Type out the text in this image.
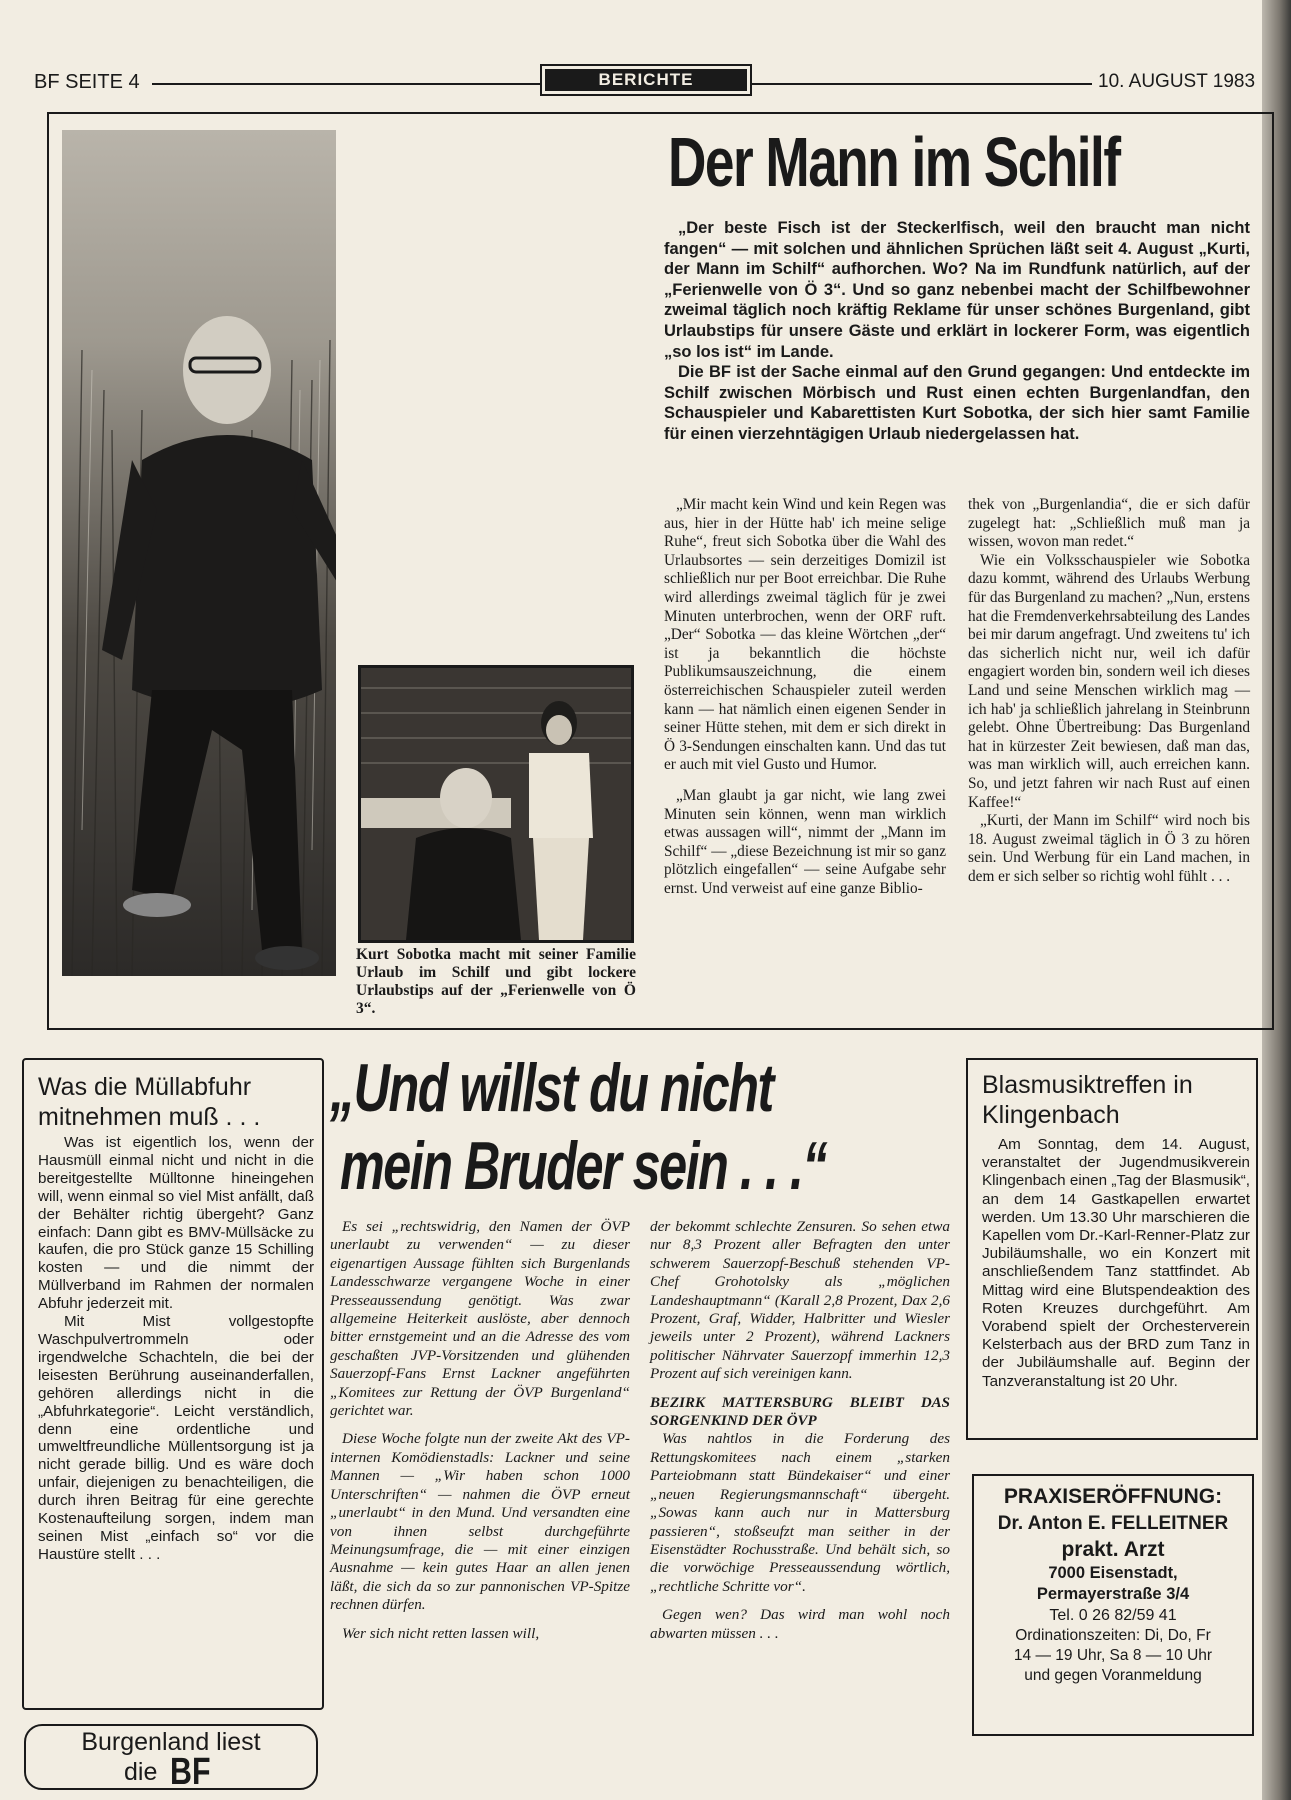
BF SEITE 4	BERICHTE	10. AUGUST 1983
Kurt Sobotka macht mit seiner Familie Urlaub im Schilf und gibt lockere Urlaubstips auf der „Ferienwelle von Ö 3“.
Der Mann im Schilf

„Der beste Fisch ist der Steckerlfisch, weil den braucht man nicht fangen“ — mit solchen und ähnlichen Sprüchen läßt seit 4. August „Kurti, der Mann im Schilf“ aufhorchen. Wo? Na im Rundfunk natürlich, auf der „Ferienwelle von Ö 3“. Und so ganz nebenbei macht der Schilfbewohner zweimal täglich noch kräftig Reklame für unser schönes Burgenland, gibt Urlaubstips für unsere Gäste und erklärt in lockerer Form, was eigentlich „so los ist“ im Lande.

Die BF ist der Sache einmal auf den Grund gegangen: Und entdeckte im Schilf zwischen Mörbisch und Rust einen echten Burgenlandfan, den Schauspieler und Kabarettisten Kurt Sobotka, der sich hier samt Familie für einen vierzehntägigen Urlaub niedergelassen hat.

„Mir macht kein Wind und kein Regen was aus, hier in der Hütte hab' ich meine selige Ruhe“, freut sich Sobotka über die Wahl des Urlaubsortes — sein derzeitiges Domizil ist schließlich nur per Boot erreichbar. Die Ruhe wird allerdings zweimal täglich für je zwei Minuten unterbrochen, wenn der ORF ruft. „Der“ Sobotka — das kleine Wörtchen „der“ ist ja bekanntlich die höchste Publikumsauszeichnung, die einem österreichischen Schauspieler zuteil werden kann — hat nämlich einen eigenen Sender in seiner Hütte stehen, mit dem er sich direkt in Ö 3-Sendungen einschalten kann. Und das tut er auch mit viel Gusto und Humor.

„Man glaubt ja gar nicht, wie lang zwei Minuten sein können, wenn man wirklich etwas aussagen will“, nimmt der „Mann im Schilf“ — „diese Bezeichnung ist mir so ganz plötzlich eingefallen“ — seine Aufgabe sehr ernst. Und verweist auf eine ganze Biblio-

thek von „Burgenlandia“, die er sich dafür zugelegt hat: „Schließlich muß man ja wissen, wovon man redet.“

Wie ein Volksschauspieler wie Sobotka dazu kommt, während des Urlaubs Werbung für das Burgenland zu machen? „Nun, erstens hat die Fremdenverkehrsabteilung des Landes bei mir darum angefragt. Und zweitens tu' ich das sicherlich nicht nur, weil ich dafür engagiert worden bin, sondern weil ich dieses Land und seine Menschen wirklich mag — ich hab' ja schließlich jahrelang in Steinbrunn gelebt. Ohne Übertreibung: Das Burgenland hat in kürzester Zeit bewiesen, daß man das, was man wirklich will, auch erreichen kann. So, und jetzt fahren wir nach Rust auf einen Kaffee!“

„Kurti, der Mann im Schilf“ wird noch bis 18. August zweimal täglich in Ö 3 zu hören sein. Und Werbung für ein Land machen, in dem er sich selber so richtig wohl fühlt . . .

Was die Müllabfuhr mitnehmen muß . . .

Was ist eigentlich los, wenn der Hausmüll einmal nicht und nicht in die bereitgestellte Mülltonne hineingehen will, wenn einmal so viel Mist anfällt, daß der Behälter richtig übergeht? Ganz einfach: Dann gibt es BMV-Müllsäcke zu kaufen, die pro Stück ganze 15 Schilling kosten — und die nimmt der Müllverband im Rahmen der normalen Abfuhr jederzeit mit.

Mit Mist vollgestopfte Waschpulvertrommeln oder irgendwelche Schachteln, die bei der leisesten Berührung auseinanderfallen, gehören allerdings nicht in die „Abfuhrkategorie“. Leicht verständlich, denn eine ordentliche und umweltfreundliche Müllentsorgung ist ja nicht gerade billig. Und es wäre doch unfair, diejenigen zu benachteiligen, die durch ihren Beitrag für eine gerechte Kostenaufteilung sorgen, indem man seinen Mist „einfach so“ vor die Haustüre stellt . . .

Burgenland liest
die BF
„Und willst du nicht
mein Bruder sein . . .“

Es sei „rechtswidrig, den Namen der ÖVP unerlaubt zu verwenden“ — zu dieser eigenartigen Aussage fühlten sich Burgenlands Landesschwarze vergangene Woche in einer Presseaussendung genötigt. Was zwar allgemeine Heiterkeit auslöste, aber dennoch bitter ernstgemeint und an die Adresse des vom geschaßten JVP-Vorsitzenden und glühenden Sauerzopf-Fans Ernst Lackner angeführten „Komitees zur Rettung der ÖVP Burgenland“ gerichtet war.

Diese Woche folgte nun der zweite Akt des VP-internen Komödienstadls: Lackner und seine Mannen — „Wir haben schon 1000 Unterschriften“ — nahmen die ÖVP erneut „unerlaubt“ in den Mund. Und versandten eine von ihnen selbst durchgeführte Meinungsumfrage, die — mit einer einzigen Ausnahme — kein gutes Haar an allen jenen läßt, die sich da so zur pannonischen VP-Spitze rechnen dürfen.

Wer sich nicht retten lassen will,

der bekommt schlechte Zensuren. So sehen etwa nur 8,3 Prozent aller Befragten den unter schwerem Sauerzopf-Beschuß stehenden VP-Chef Grohotolsky als „möglichen Landeshauptmann“ (Karall 2,8 Prozent, Dax 2,6 Prozent, Graf, Widder, Halbritter und Wiesler jeweils unter 2 Prozent), während Lackners politischer Nährvater Sauerzopf immerhin 12,3 Prozent auf sich vereinigen kann.

BEZIRK MATTERSBURG BLEIBT DAS SORGENKIND DER ÖVP

Was nahtlos in die Forderung des Rettungskomitees nach einem „starken Parteiobmann statt Bündekaiser“ und einer „neuen Regierungsmannschaft“ übergeht. „Sowas kann auch nur in Mattersburg passieren“, stoßseufzt man seither in der Eisenstädter Rochusstraße. Und behält sich, so die vorwöchige Presseaussendung wörtlich, „rechtliche Schritte vor“.

Gegen wen? Das wird man wohl noch abwarten müssen . . .

Blasmusiktreffen in Klingenbach
Am Sonntag, dem 14. August, veranstaltet der Jugendmusikverein Klingenbach einen „Tag der Blasmusik“, an dem 14 Gastkapellen erwartet werden. Um 13.30 Uhr marschieren die Kapellen vom Dr.-Karl-Renner-Platz zur Jubiläumshalle, wo ein Konzert mit anschließendem Tanz stattfindet. Ab Mittag wird eine Blutspendeaktion des Roten Kreuzes durchgeführt. Am Vorabend spielt der Orchesterverein Kelsterbach aus der BRD zum Tanz in der Jubiläumshalle auf. Beginn der Tanzveranstaltung ist 20 Uhr.
PRAXISERÖFFNUNG:
Dr. Anton E. FELLEITNER
prakt. Arzt
7000 Eisenstadt,
Permayerstraße 3/4
Tel. 0 26 82/59 41
Ordinationszeiten: Di, Do, Fr
14 — 19 Uhr, Sa 8 — 10 Uhr
und gegen Voranmeldung
